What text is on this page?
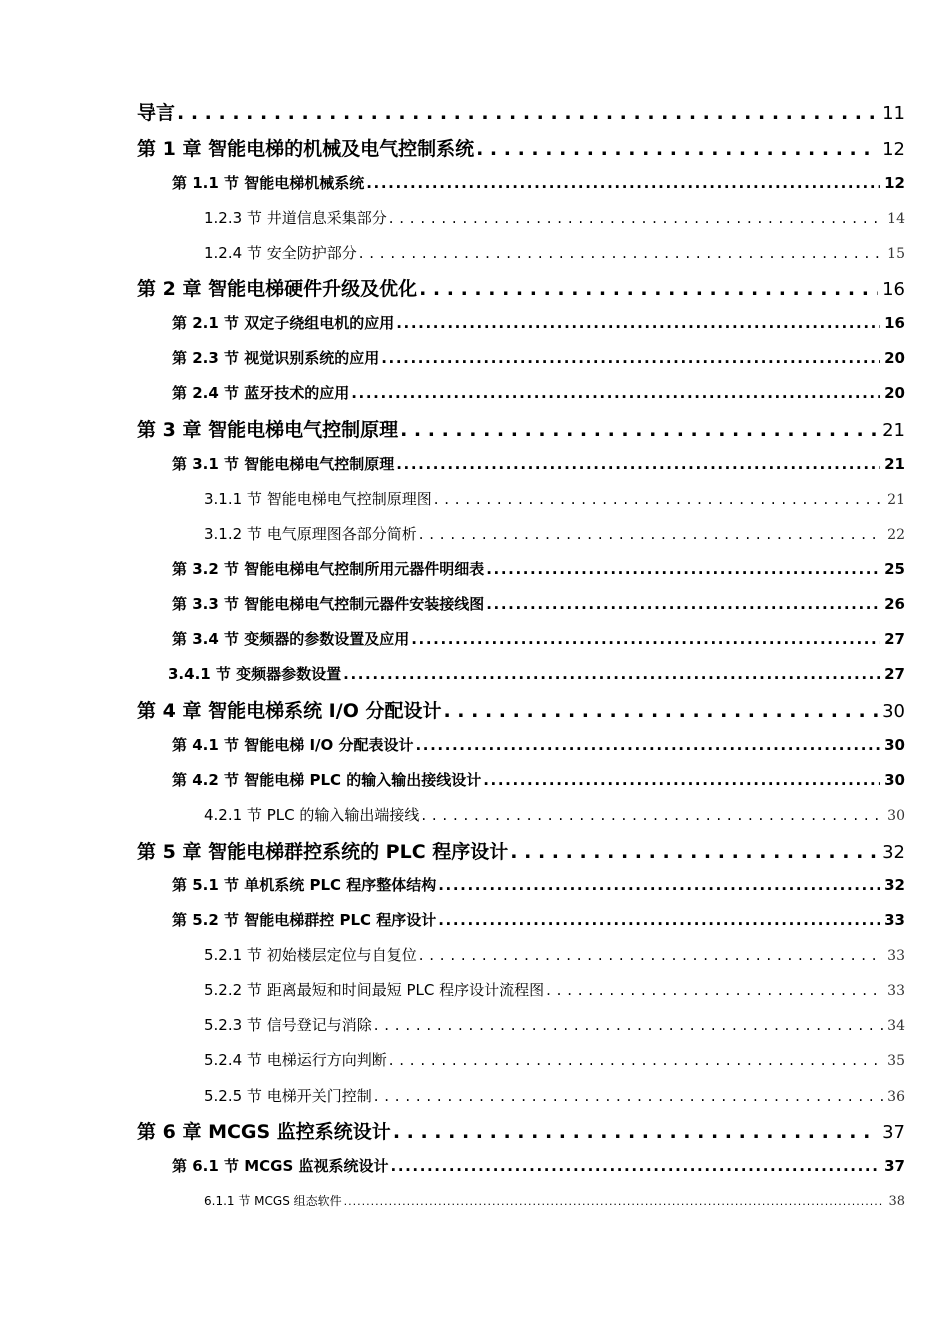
导言 . . .	11
第 1 章 智能电梯的机械及电气控制系统 . . .	12
第 1.1 节 智能电梯机械系统 .....	12
1.2.3 节 井道信息采集部分 . . .	14
1.2.4 节 安全防护部分 . . .	15
第 2 章 智能电梯硬件升级及优化 . . .	16
第 2.1 节 双定子绕组电机的应用 .....	16
第 2.3 节 视觉识别系统的应用 .....	20
第 2.4 节 蓝牙技术的应用 .....	20
第 3 章 智能电梯电气控制原理 . . .	21
第 3.1 节 智能电梯电气控制原理 .....	21
3.1.1 节 智能电梯电气控制原理图 . . .	21
3.1.2 节 电气原理图各部分简析 . . .	22
第 3.2 节 智能电梯电气控制所用元器件明细表 .....	25
第 3.3 节 智能电梯电气控制元器件安装接线图 .....	26
第 3.4 节 变频器的参数设置及应用 .....	27
3.4.1 节 变频器参数设置 .....	27
第 4 章 智能电梯系统 I/O 分配设计 . . .	30
第 4.1 节 智能电梯 I/O 分配表设计 .....	30
第 4.2 节 智能电梯 PLC 的输入输出接线设计 .....	30
4.2.1 节 PLC 的输入输出端接线 . . .	30
第 5 章 智能电梯群控系统的 PLC 程序设计 . . .	32
第 5.1 节 单机系统 PLC 程序整体结构 .....	32
第 5.2 节 智能电梯群控 PLC 程序设计 .....	33
5.2.1 节 初始楼层定位与自复位 . . .	33
5.2.2 节 距离最短和时间最短 PLC 程序设计流程图 . . .	33
5.2.3 节 信号登记与消除 . . .	34
5.2.4 节 电梯运行方向判断 . . .	35
5.2.5 节 电梯开关门控制 . . .	36
第 6 章 MCGS 监控系统设计 . . .	37
第 6.1 节 MCGS 监视系统设计 .....	37
6.1.1 节 MCGS 组态软件 .....	38
